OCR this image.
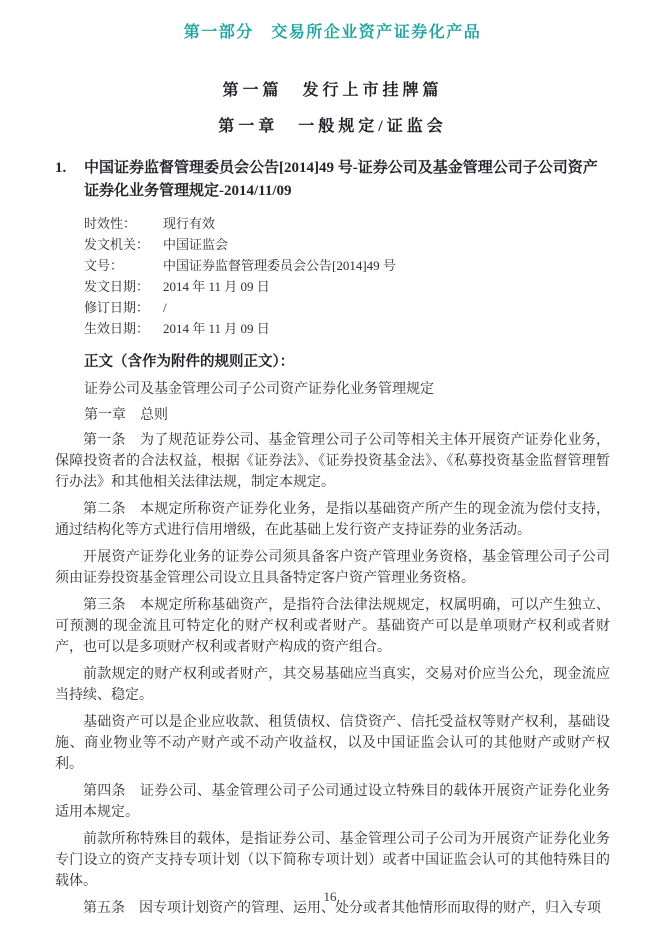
第一部分　交易所企业资产证券化产品
第一篇　发行上市挂牌篇
第一章　一般规定/证监会
1.	中国证券监督管理委员会公告[2014]49 号-证券公司及基金管理公司子公司资产证券化业务管理规定-2014/11/09
时效性： 现行有效
发文机关： 中国证监会
文号：	中国证券监督管理委员会公告[2014]49 号
发文日期： 2014 年 11 月 09 日
修订日期： /
生效日期： 2014 年 11 月 09 日
正文（含作为附件的规则正文）：
证券公司及基金管理公司子公司资产证券化业务管理规定
第一章　总则

第一条　为了规范证券公司、基金管理公司子公司等相关主体开展资产证券化业务，保障投资者的合法权益，根据《证券法》、《证券投资基金法》、《私募投资基金监督管理暂行办法》和其他相关法律法规，制定本规定。

第二条　本规定所称资产证券化业务，是指以基础资产所产生的现金流为偿付支持，通过结构化等方式进行信用增级，在此基础上发行资产支持证券的业务活动。

开展资产证券化业务的证券公司须具备客户资产管理业务资格，基金管理公司子公司须由证券投资基金管理公司设立且具备特定客户资产管理业务资格。

第三条　本规定所称基础资产，是指符合法律法规规定，权属明确，可以产生独立、可预测的现金流且可特定化的财产权利或者财产。基础资产可以是单项财产权利或者财产，也可以是多项财产权利或者财产构成的资产组合。

前款规定的财产权利或者财产，其交易基础应当真实，交易对价应当公允，现金流应当持续、稳定。

基础资产可以是企业应收款、租赁债权、信贷资产、信托受益权等财产权利，基础设施、商业物业等不动产财产或不动产收益权，以及中国证监会认可的其他财产或财产权利。

第四条　证券公司、基金管理公司子公司通过设立特殊目的载体开展资产证券化业务适用本规定。

前款所称特殊目的载体，是指证券公司、基金管理公司子公司为开展资产证券化业务专门设立的资产支持专项计划（以下简称专项计划）或者中国证监会认可的其他特殊目的载体。

第五条　因专项计划资产的管理、运用、处分或者其他情形而取得的财产，归入专项

16
